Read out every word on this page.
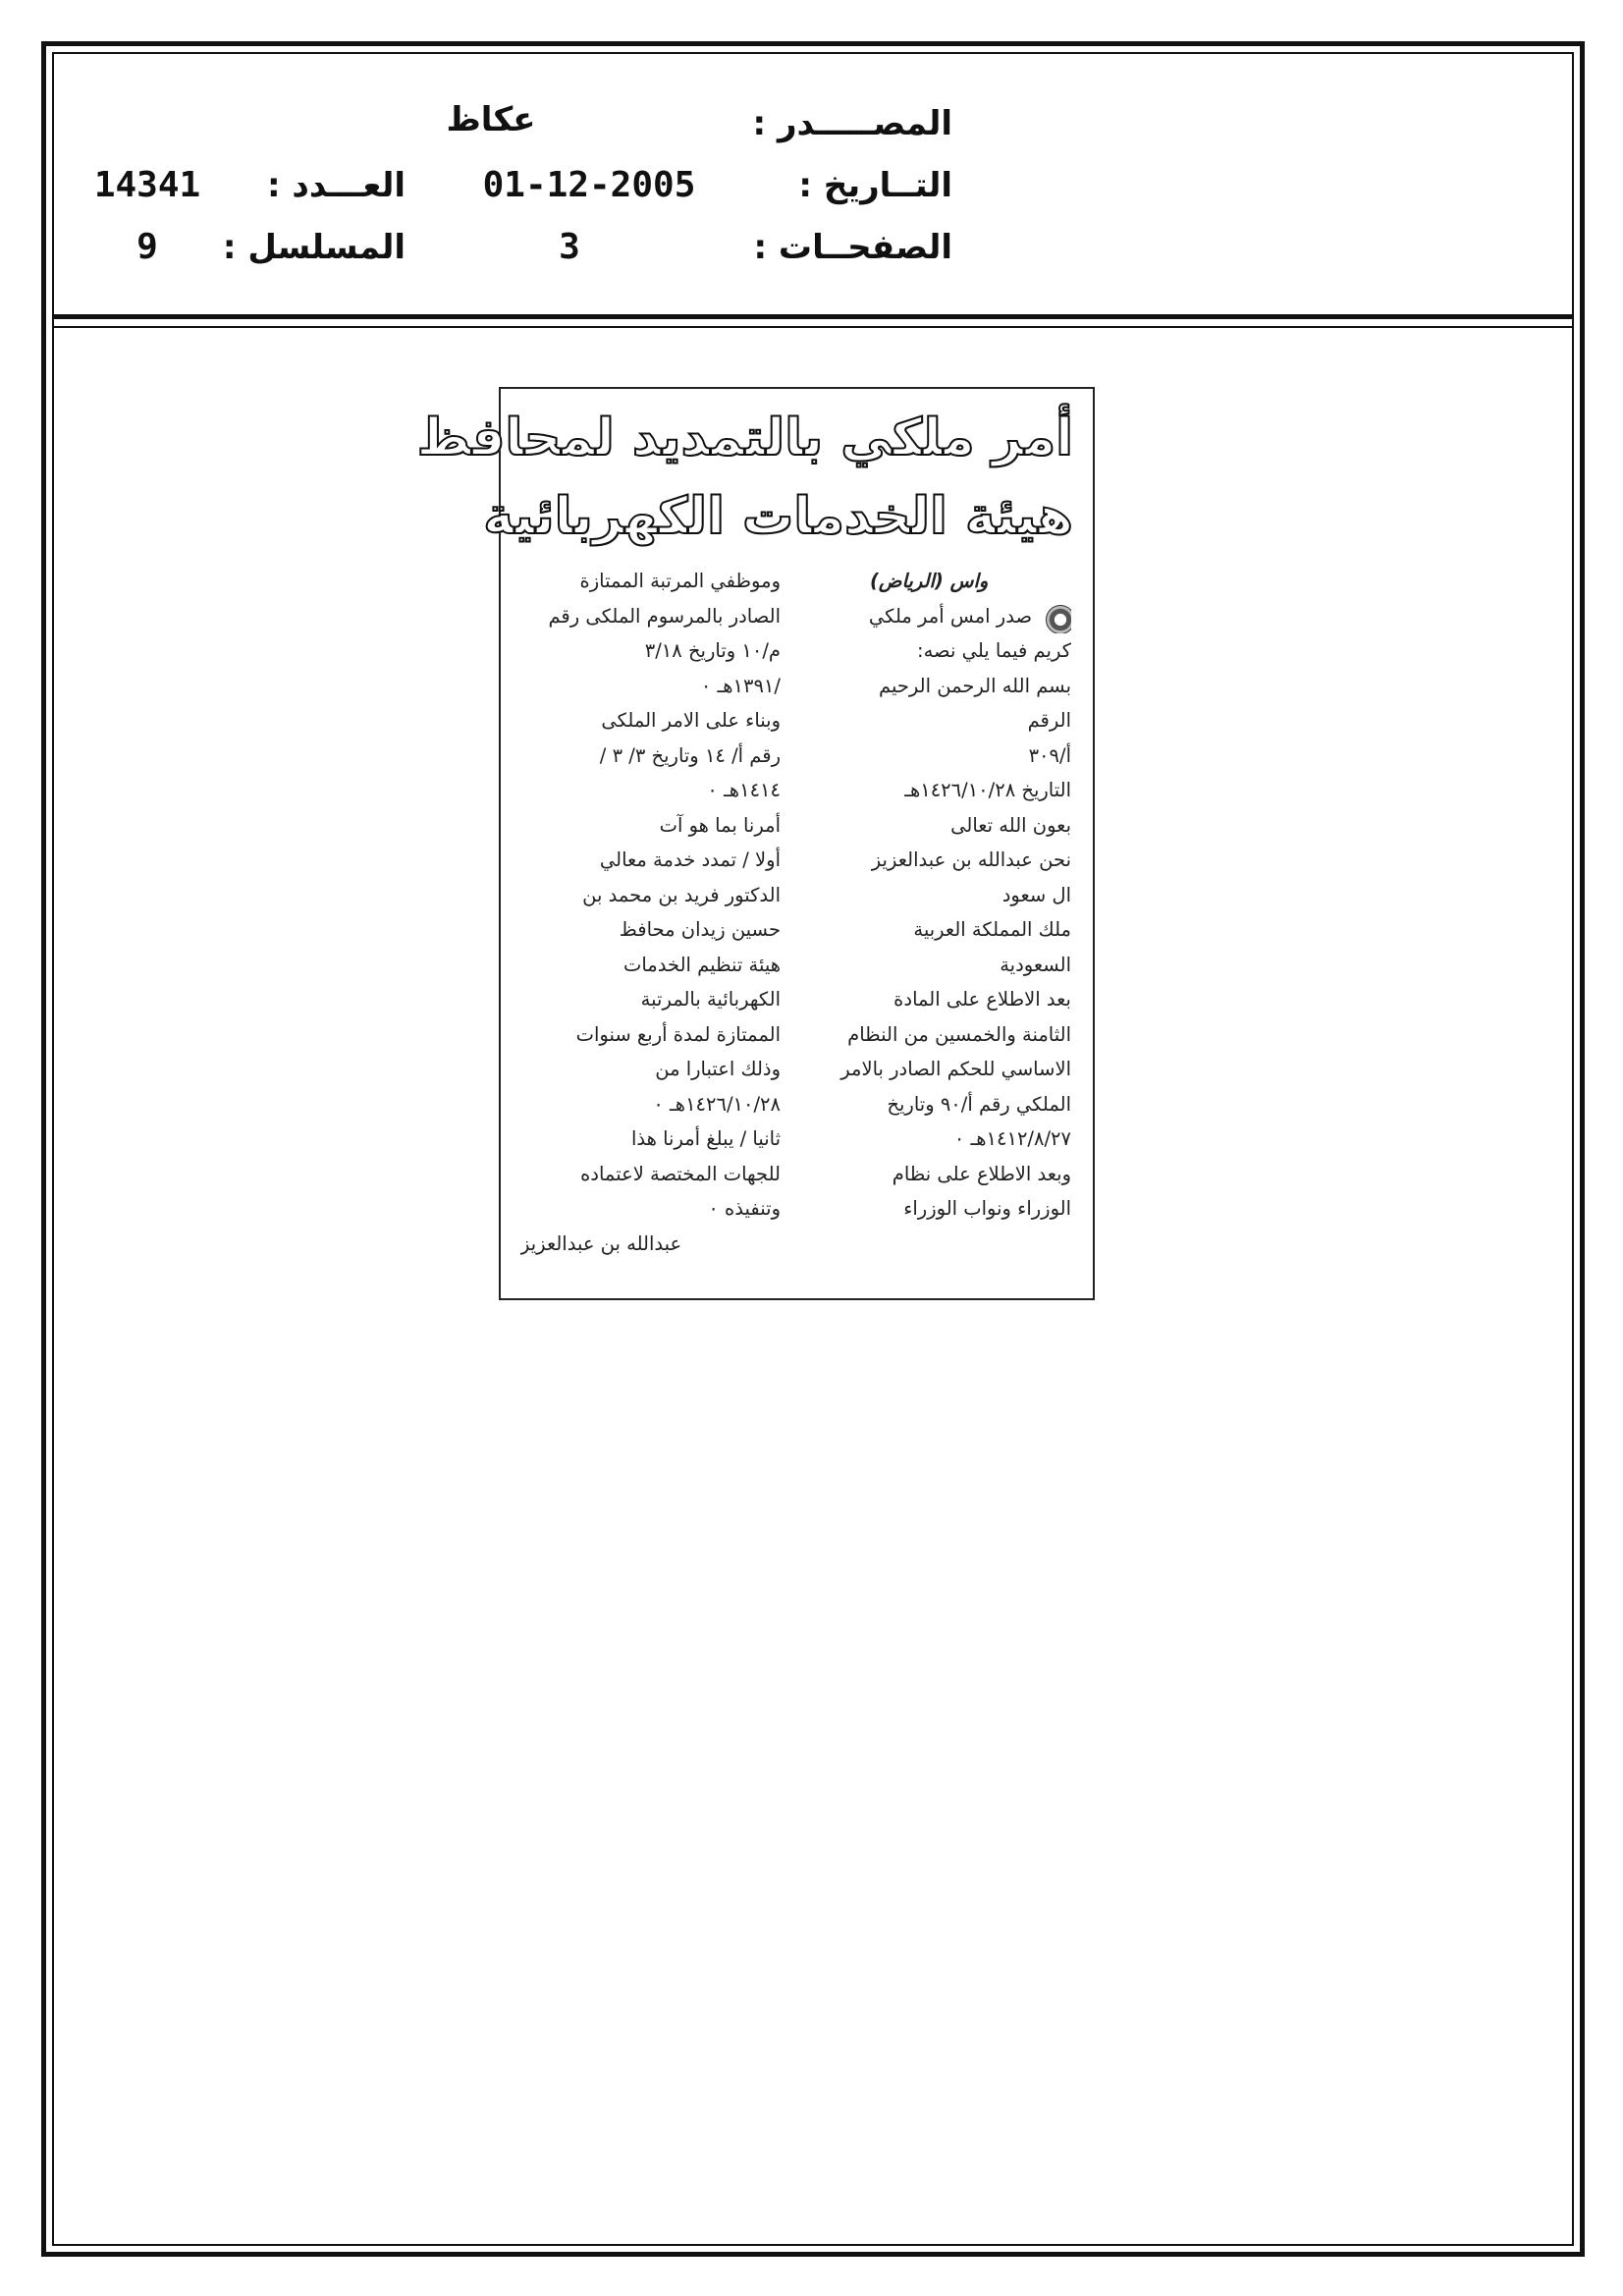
المصـــــدر :
عكاظ
التــاريخ :
01-12-2005
الصفحــات :
3
العـــدد :
14341
المسلسل :
9
أمر ملكي بالتمديد لمحافظ
هيئة الخدمات الكهربائية
واس (الرياض)
صدر امس أمر ملكي
كريم فيما يلي نصه:
بسم الله الرحمن الرحيم
الرقم
أ/٣٠٩
التاريخ ١٤٢٦/١٠/٢٨هـ
بعون الله تعالى
نحن عبدالله بن عبدالعزيز
ال سعود
ملك المملكة العربية
السعودية
بعد الاطلاع على المادة
الثامنة والخمسين من النظام
الاساسي للحكم الصادر بالامر
الملكي رقم أ/٩٠ وتاريخ
١٤١٢/٨/٢٧هـ ٠
وبعد الاطلاع على نظام
الوزراء ونواب الوزراء
وموظفي المرتبة الممتازة
الصادر بالمرسوم الملكى رقم
م/١٠ وتاريخ ٣/١٨
/١٣٩١هـ ٠
وبناء على الامر الملكى
رقم أ/ ١٤ وتاريخ ٣/ ٣ /
١٤١٤هـ ٠
أمرنا بما هو آت
أولا / تمدد خدمة معالي
الدكتور فريد بن محمد بن
حسين زيدان محافظ
هيئة تنظيم الخدمات
الكهربائية بالمرتبة
الممتازة لمدة أربع سنوات
وذلك اعتبارا من
١٤٢٦/١٠/٢٨هـ ٠
ثانيا / يبلغ أمرنا هذا
للجهات المختصة لاعتماده
وتنفيذه ٠
عبدالله بن عبدالعزيز
